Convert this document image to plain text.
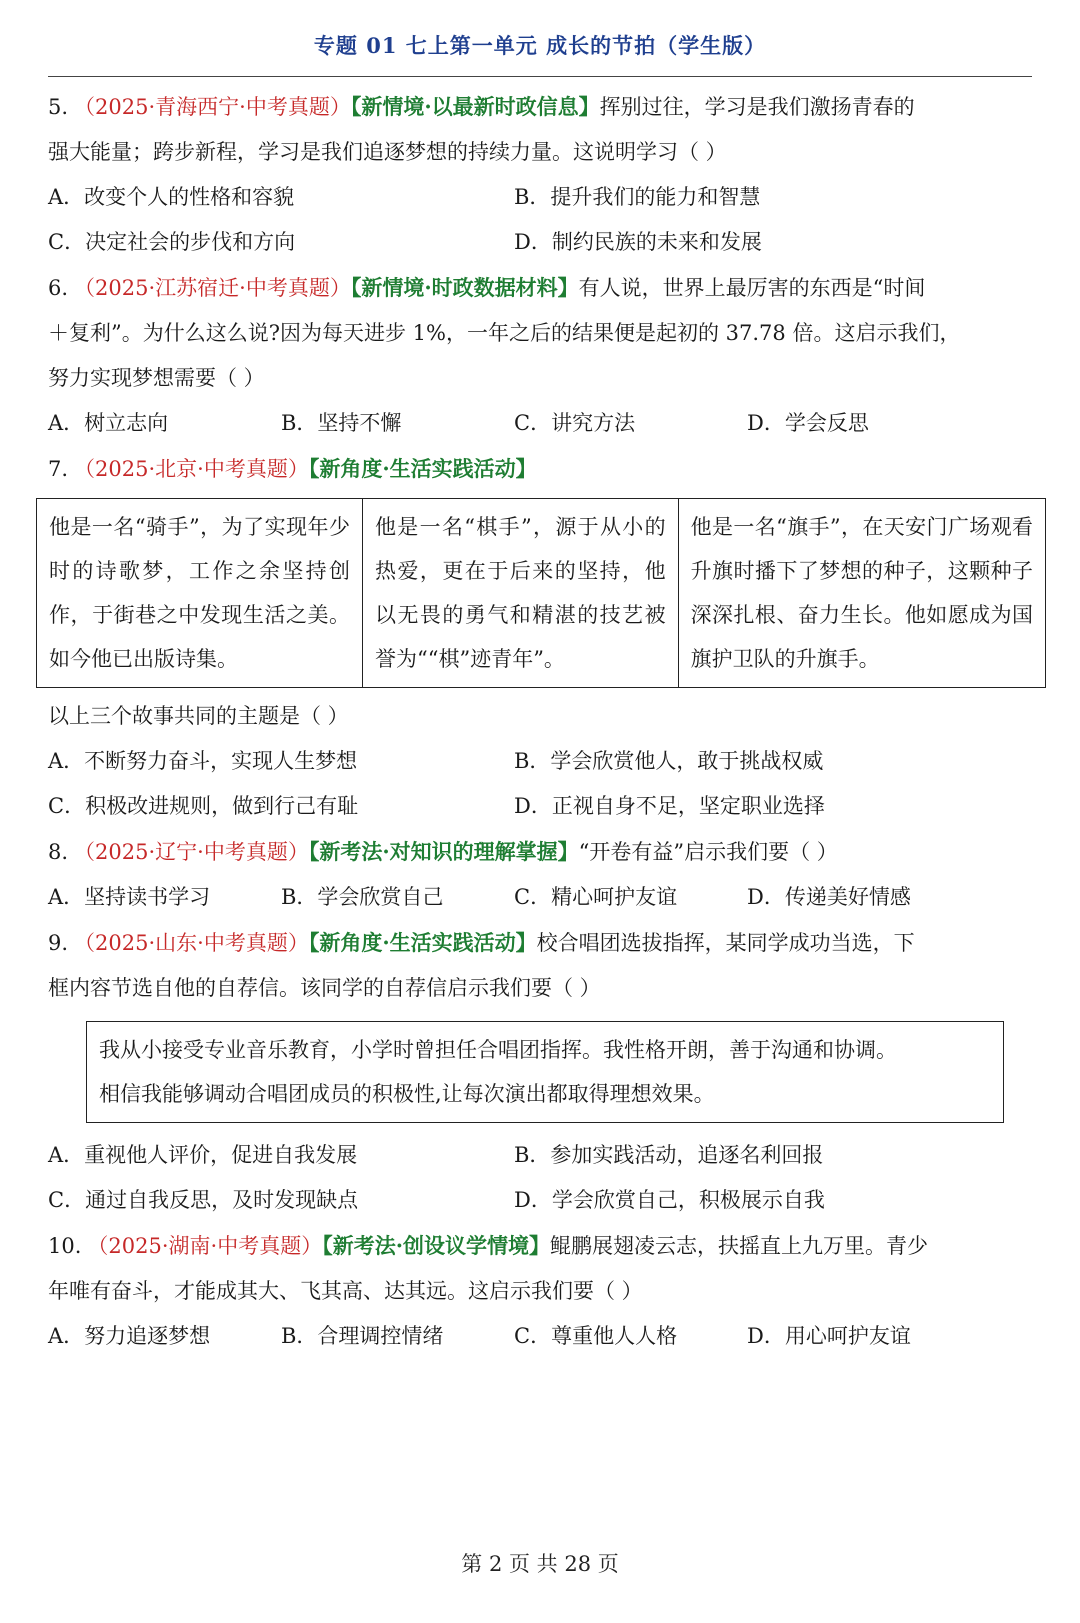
专题 01 七上第一单元 成长的节拍（学生版）
5. （2025·青海西宁·中考真题）【新情境·以最新时政信息】挥别过往，学习是我们激扬青春的
强大能量；跨步新程，学习是我们追逐梦想的持续力量。这说明学习（ ）
A．改变个人的性格和容貌	B．提升我们的能力和智慧
C．决定社会的步伐和方向	D．制约民族的未来和发展
6. （2025·江苏宿迁·中考真题）【新情境·时政数据材料】有人说，世界上最厉害的东西是“时间
＋复利”。为什么这么说?因为每天进步 1%，一年之后的结果便是起初的 37.78 倍。这启示我们，
努力实现梦想需要（ ）
A．树立志向	B．坚持不懈	C．讲究方法	D．学会反思
7. （2025·北京·中考真题）【新角度·生活实践活动】
他是一名“骑手”，为了实现年少时的诗歌梦，工作之余坚持创作，于街巷之中发现生活之美。如今他已出版诗集。	他是一名“棋手”，源于从小的热爱，更在于后来的坚持，他以无畏的勇气和精湛的技艺被誉为““棋”迹青年”。	他是一名“旗手”，在天安门广场观看升旗时播下了梦想的种子，这颗种子深深扎根、奋力生长。他如愿成为国旗护卫队的升旗手。
以上三个故事共同的主题是（ ）
A．不断努力奋斗，实现人生梦想	B．学会欣赏他人，敢于挑战权威
C．积极改进规则，做到行己有耻	D．正视自身不足，坚定职业选择
8. （2025·辽宁·中考真题）【新考法·对知识的理解掌握】“开卷有益”启示我们要（ ）
A．坚持读书学习	B．学会欣赏自己	C．精心呵护友谊	D．传递美好情感
9. （2025·山东·中考真题）【新角度·生活实践活动】校合唱团选拔指挥，某同学成功当选，下
框内容节选自他的自荐信。该同学的自荐信启示我们要（ ）
我从小接受专业音乐教育，小学时曾担任合唱团指挥。我性格开朗，善于沟通和协调。
相信我能够调动合唱团成员的积极性,让每次演出都取得理想效果。
A．重视他人评价，促进自我发展	B．参加实践活动，追逐名利回报
C．通过自我反思，及时发现缺点	D．学会欣赏自己，积极展示自我
10. （2025·湖南·中考真题）【新考法·创设议学情境】鲲鹏展翅凌云志，扶摇直上九万里。青少
年唯有奋斗，才能成其大、飞其高、达其远。这启示我们要（ ）
A．努力追逐梦想	B．合理调控情绪	C．尊重他人人格	D．用心呵护友谊
第 2 页 共 28 页
